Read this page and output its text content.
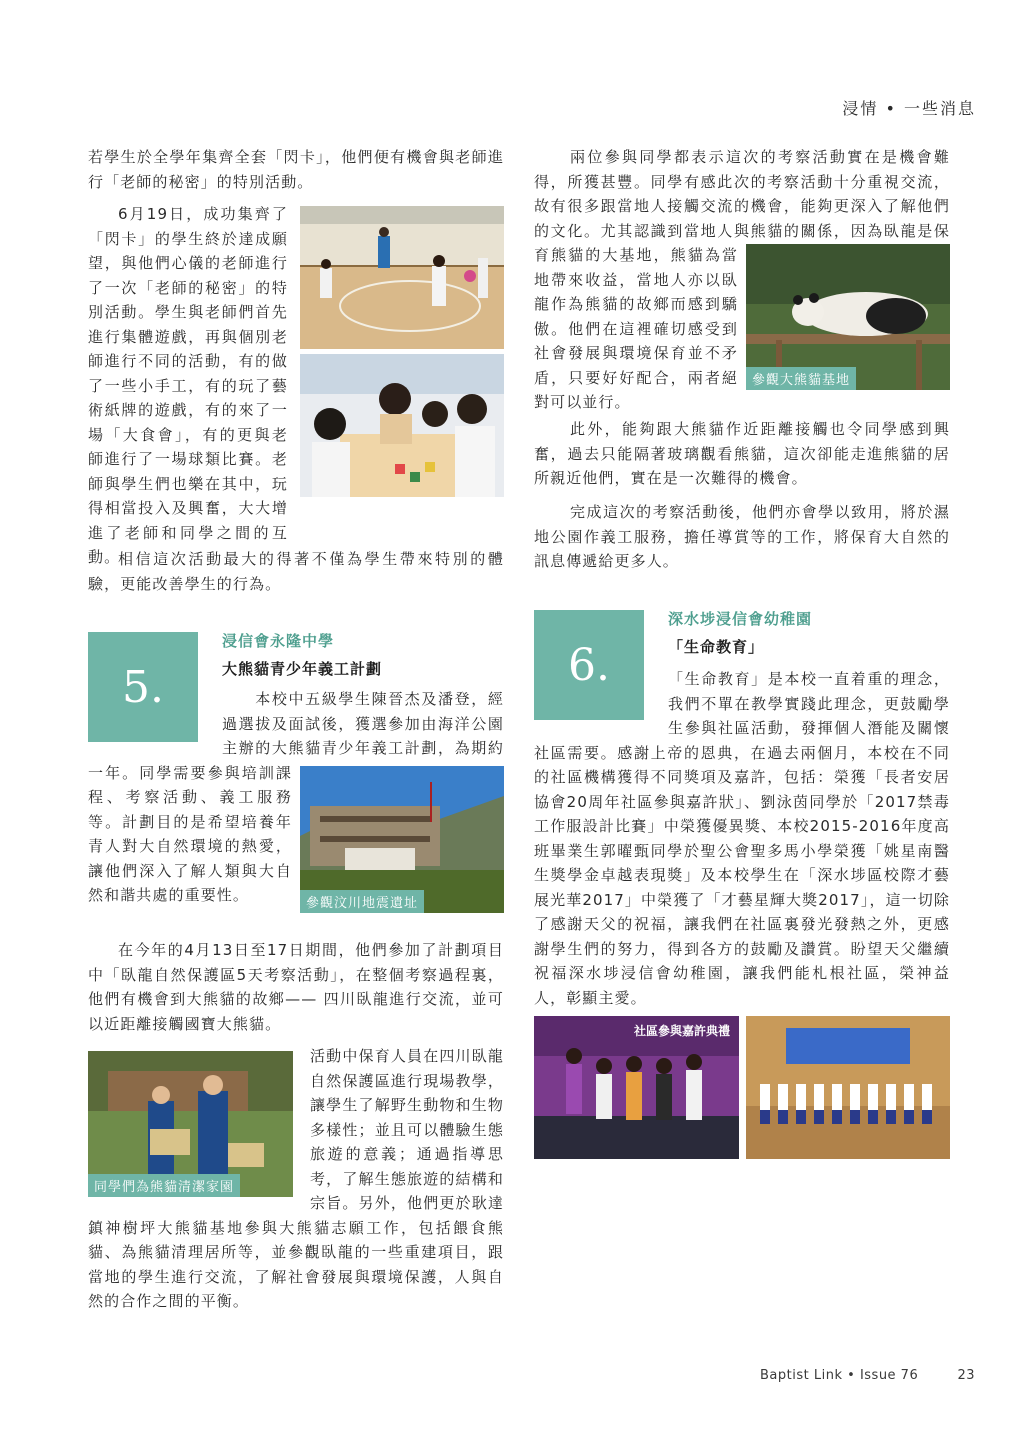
浸情 • 一些消息

若學生於全學年集齊全套「閃卡」，他們便有機會與老師進行「老師的秘密」的特別活動。

6月19日，成功集齊了「閃卡」的學生終於達成願望，與他們心儀的老師進行了一次「老師的秘密」的特別活動。學生與老師們首先進行集體遊戲，再與個別老師進行不同的活動，有的做了一些小手工，有的玩了藝術紙牌的遊戲，有的來了一場「大食會」，有的更與老師進行了一場球類比賽。老師與學生們也樂在其中，玩得相當投入及興奮，大大增進了老師和同學之間的互動。

相信這次活動最大的得著不僅為學生帶來特別的體驗，更能改善學生的行為。

5.
浸信會永隆中學
大熊貓青少年義工計劃

　　本校中五級學生陳晉杰及潘登，經過選拔及面試後，獲選參加由海洋公園主辦的大熊貓青少年義工計劃，為期約一年。同學需要參與培訓課程、考察活動、義工服務等。計劃目的是希望培養年青人對大自然環境的熱愛，讓他們深入了解人類與大自然和諧共處的重要性。	參觀汶川地震遺址

在今年的4月13日至17日期間，他們參加了計劃項目中「臥龍自然保護區5天考察活動」，在整個考察過程裏，他們有機會到大熊貓的故鄉—— 四川臥龍進行交流，並可以近距離接觸國寶大熊貓。

同學們為熊貓清潔家園

活動中保育人員在四川臥龍自然保護區進行現場教學，讓學生了解野生動物和生物多樣性；並且可以體驗生態旅遊的意義；通過指導思考，了解生態旅遊的結構和宗旨。另外，他們更於耿達鎮神樹坪大熊貓基地參與大熊貓志願工作，包括餵食熊貓、為熊貓清理居所等，並參觀臥龍的一些重建項目，跟當地的學生進行交流，了解社會發展與環境保護，人與自然的合作之間的平衡。

兩位參與同學都表示這次的考察活動實在是機會難得，所獲甚豐。同學有感此次的考察活動十分重視交流，故有很多跟當地人接觸交流的機會，能夠更深入了解他們的文化。尤其認識到當地人與熊貓的關係，因為臥龍是保育熊貓的大基地，熊貓為當地帶來收益，當地人亦以臥龍作為熊貓的故鄉而感到驕傲。他們在這裡確切感受到社會發展與環境保育並不矛盾，只要好好配合，兩者絕對可以並行。

參觀大熊貓基地

此外，能夠跟大熊貓作近距離接觸也令同學感到興奮，過去只能隔著玻璃觀看熊貓，這次卻能走進熊貓的居所親近他們，實在是一次難得的機會。

完成這次的考察活動後，他們亦會學以致用，將於濕地公園作義工服務，擔任導賞等的工作，將保育大自然的訊息傳遞給更多人。

6.
深水埗浸信會幼稚園
「生命教育」

「生命教育」是本校一直着重的理念，我們不單在教學實踐此理念，更鼓勵學生參與社區活動，發揮個人潛能及關懷社區需要。感謝上帝的恩典，在過去兩個月，本校在不同的社區機構獲得不同獎項及嘉許，包括：榮獲「長者安居協會20周年社區參與嘉許狀」、劉泳茵同學於「2017禁毒工作服設計比賽」中榮獲優異獎、本校2015-2016年度高班畢業生郭曜甄同學於聖公會聖多馬小學榮獲「姚星南醫生獎學金卓越表現獎」及本校學生在「深水埗區校際才藝展光華2017」中榮獲了「才藝星輝大獎2017」，這一切除了感謝天父的祝福，讓我們在社區裏發光發熱之外，更感謝學生們的努力，得到各方的鼓勵及讚賞。盼望天父繼續祝福深水埗浸信會幼稚園，讓我們能札根社區，榮神益人，彰顯主愛。

社區參與嘉許典禮
Baptist Link • Issue 76	23
